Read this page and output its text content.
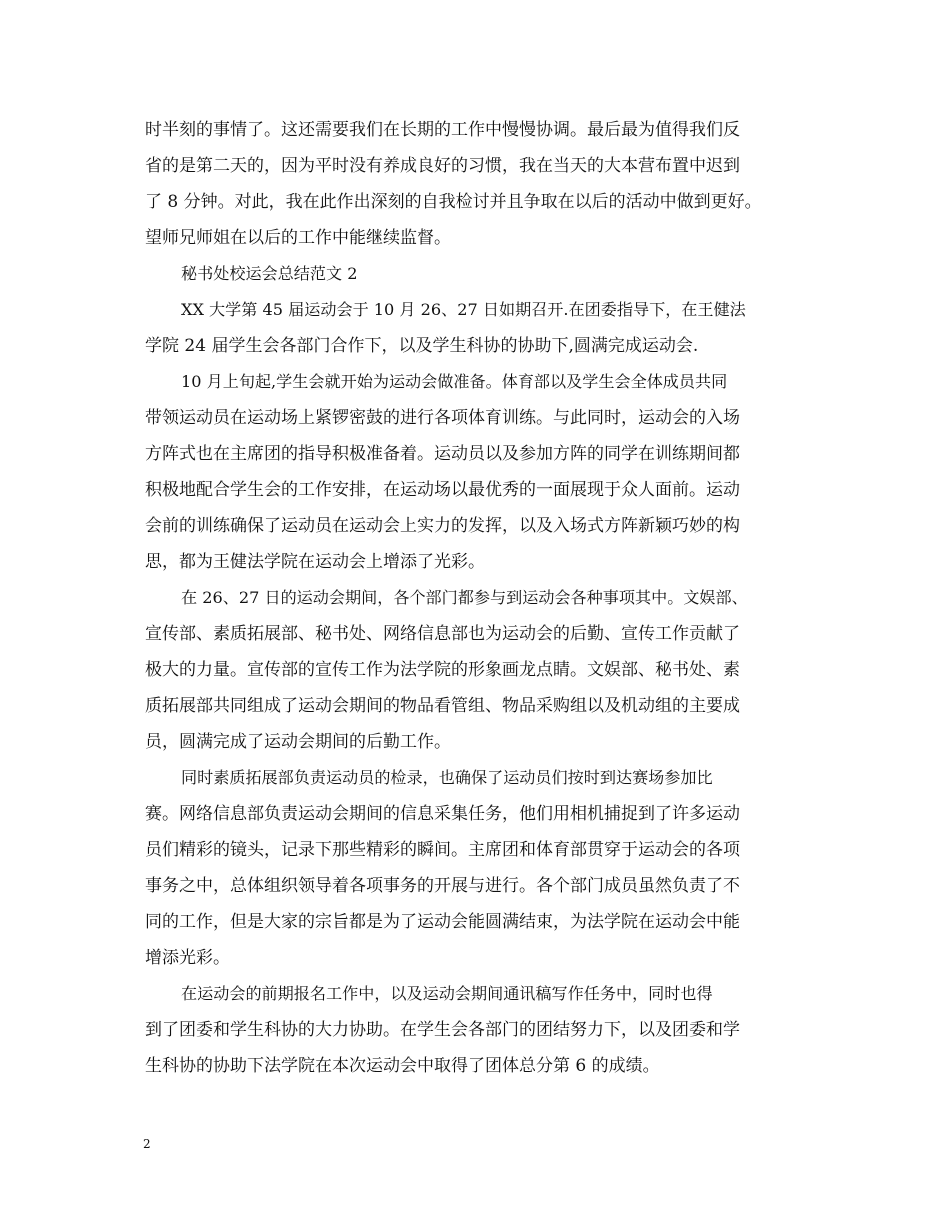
时半刻的事情了。这还需要我们在长期的工作中慢慢协调。最后最为值得我们反
省的是第二天的，因为平时没有养成良好的习惯，我在当天的大本营布置中迟到
了 8 分钟。对此，我在此作出深刻的自我检讨并且争取在以后的活动中做到更好。
望师兄师姐在以后的工作中能继续监督。
秘书处校运会总结范文 2
XX 大学第 45 届运动会于 10 月 26、27 日如期召开.在团委指导下，在王健法
学院 24 届学生会各部门合作下，以及学生科协的协助下,圆满完成运动会.
10 月上旬起,学生会就开始为运动会做准备。体育部以及学生会全体成员共同
带领运动员在运动场上紧锣密鼓的进行各项体育训练。与此同时，运动会的入场
方阵式也在主席团的指导积极准备着。运动员以及参加方阵的同学在训练期间都
积极地配合学生会的工作安排，在运动场以最优秀的一面展现于众人面前。运动
会前的训练确保了运动员在运动会上实力的发挥，以及入场式方阵新颖巧妙的构
思，都为王健法学院在运动会上增添了光彩。
在 26、27 日的运动会期间，各个部门都参与到运动会各种事项其中。文娱部、
宣传部、素质拓展部、秘书处、网络信息部也为运动会的后勤、宣传工作贡献了
极大的力量。宣传部的宣传工作为法学院的形象画龙点睛。文娱部、秘书处、素
质拓展部共同组成了运动会期间的物品看管组、物品采购组以及机动组的主要成
员，圆满完成了运动会期间的后勤工作。
同时素质拓展部负责运动员的检录，也确保了运动员们按时到达赛场参加比
赛。网络信息部负责运动会期间的信息采集任务，他们用相机捕捉到了许多运动
员们精彩的镜头，记录下那些精彩的瞬间。主席团和体育部贯穿于运动会的各项
事务之中，总体组织领导着各项事务的开展与进行。各个部门成员虽然负责了不
同的工作，但是大家的宗旨都是为了运动会能圆满结束，为法学院在运动会中能
增添光彩。
在运动会的前期报名工作中，以及运动会期间通讯稿写作任务中，同时也得
到了团委和学生科协的大力协助。在学生会各部门的团结努力下，以及团委和学
生科协的协助下法学院在本次运动会中取得了团体总分第 6 的成绩。
2
